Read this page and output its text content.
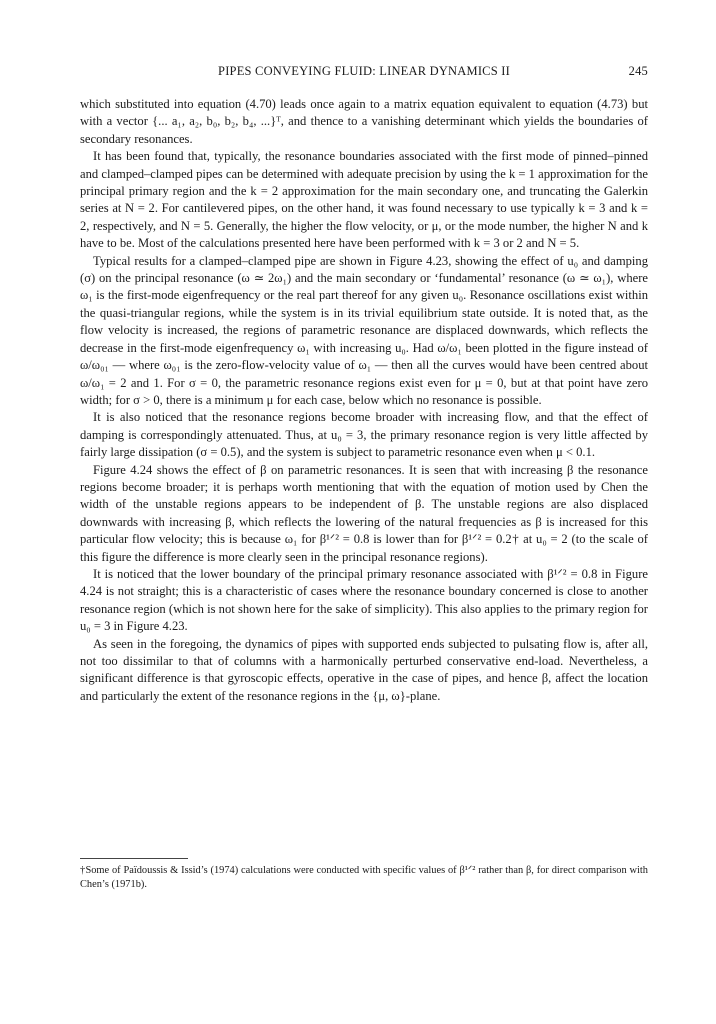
PIPES CONVEYING FLUID: LINEAR DYNAMICS II	245

which substituted into equation (4.70) leads once again to a matrix equation equivalent to equation (4.73) but with a vector {... a₁, a₂, b₀, b₂, b₄, ...}ᵀ, and thence to a vanishing determinant which yields the boundaries of secondary resonances.

It has been found that, typically, the resonance boundaries associated with the first mode of pinned–pinned and clamped–clamped pipes can be determined with adequate precision by using the k = 1 approximation for the principal primary region and the k = 2 approximation for the main secondary one, and truncating the Galerkin series at N = 2. For cantilevered pipes, on the other hand, it was found necessary to use typically k = 3 and k = 2, respectively, and N = 5. Generally, the higher the flow velocity, or μ, or the mode number, the higher N and k have to be. Most of the calculations presented here have been performed with k = 3 or 2 and N = 5.

Typical results for a clamped–clamped pipe are shown in Figure 4.23, showing the effect of u₀ and damping (σ) on the principal resonance (ω ≃ 2ω₁) and the main secondary or ‘fundamental’ resonance (ω ≃ ω₁), where ω₁ is the first-mode eigenfrequency or the real part thereof for any given u₀. Resonance oscillations exist within the quasi-triangular regions, while the system is in its trivial equilibrium state outside. It is noted that, as the flow velocity is increased, the regions of parametric resonance are displaced downwards, which reflects the decrease in the first-mode eigenfrequency ω₁ with increasing u₀. Had ω/ω₁ been plotted in the figure instead of ω/ω₀₁ — where ω₀₁ is the zero-flow-velocity value of ω₁ — then all the curves would have been centred about ω/ω₁ = 2 and 1. For σ = 0, the parametric resonance regions exist even for μ = 0, but at that point have zero width; for σ > 0, there is a minimum μ for each case, below which no resonance is possible.

It is also noticed that the resonance regions become broader with increasing flow, and that the effect of damping is correspondingly attenuated. Thus, at u₀ = 3, the primary resonance region is very little affected by fairly large dissipation (σ = 0.5), and the system is subject to parametric resonance even when μ < 0.1.

Figure 4.24 shows the effect of β on parametric resonances. It is seen that with increasing β the resonance regions become broader; it is perhaps worth mentioning that with the equation of motion used by Chen the width of the unstable regions appears to be independent of β. The unstable regions are also displaced downwards with increasing β, which reflects the lowering of the natural frequencies as β is increased for this particular flow velocity; this is because ω₁ for β¹ᐟ² = 0.8 is lower than for β¹ᐟ² = 0.2† at u₀ = 2 (to the scale of this figure the difference is more clearly seen in the principal resonance regions).

It is noticed that the lower boundary of the principal primary resonance associated with β¹ᐟ² = 0.8 in Figure 4.24 is not straight; this is a characteristic of cases where the resonance boundary concerned is close to another resonance region (which is not shown here for the sake of simplicity). This also applies to the primary region for u₀ = 3 in Figure 4.23.

As seen in the foregoing, the dynamics of pipes with supported ends subjected to pulsating flow is, after all, not too dissimilar to that of columns with a harmonically perturbed conservative end-load. Nevertheless, a significant difference is that gyroscopic effects, operative in the case of pipes, and hence β, affect the location and particularly the extent of the resonance regions in the {μ, ω}-plane.

†Some of Païdoussis & Issid’s (1974) calculations were conducted with specific values of β¹ᐟ² rather than β, for direct comparison with Chen’s (1971b).
